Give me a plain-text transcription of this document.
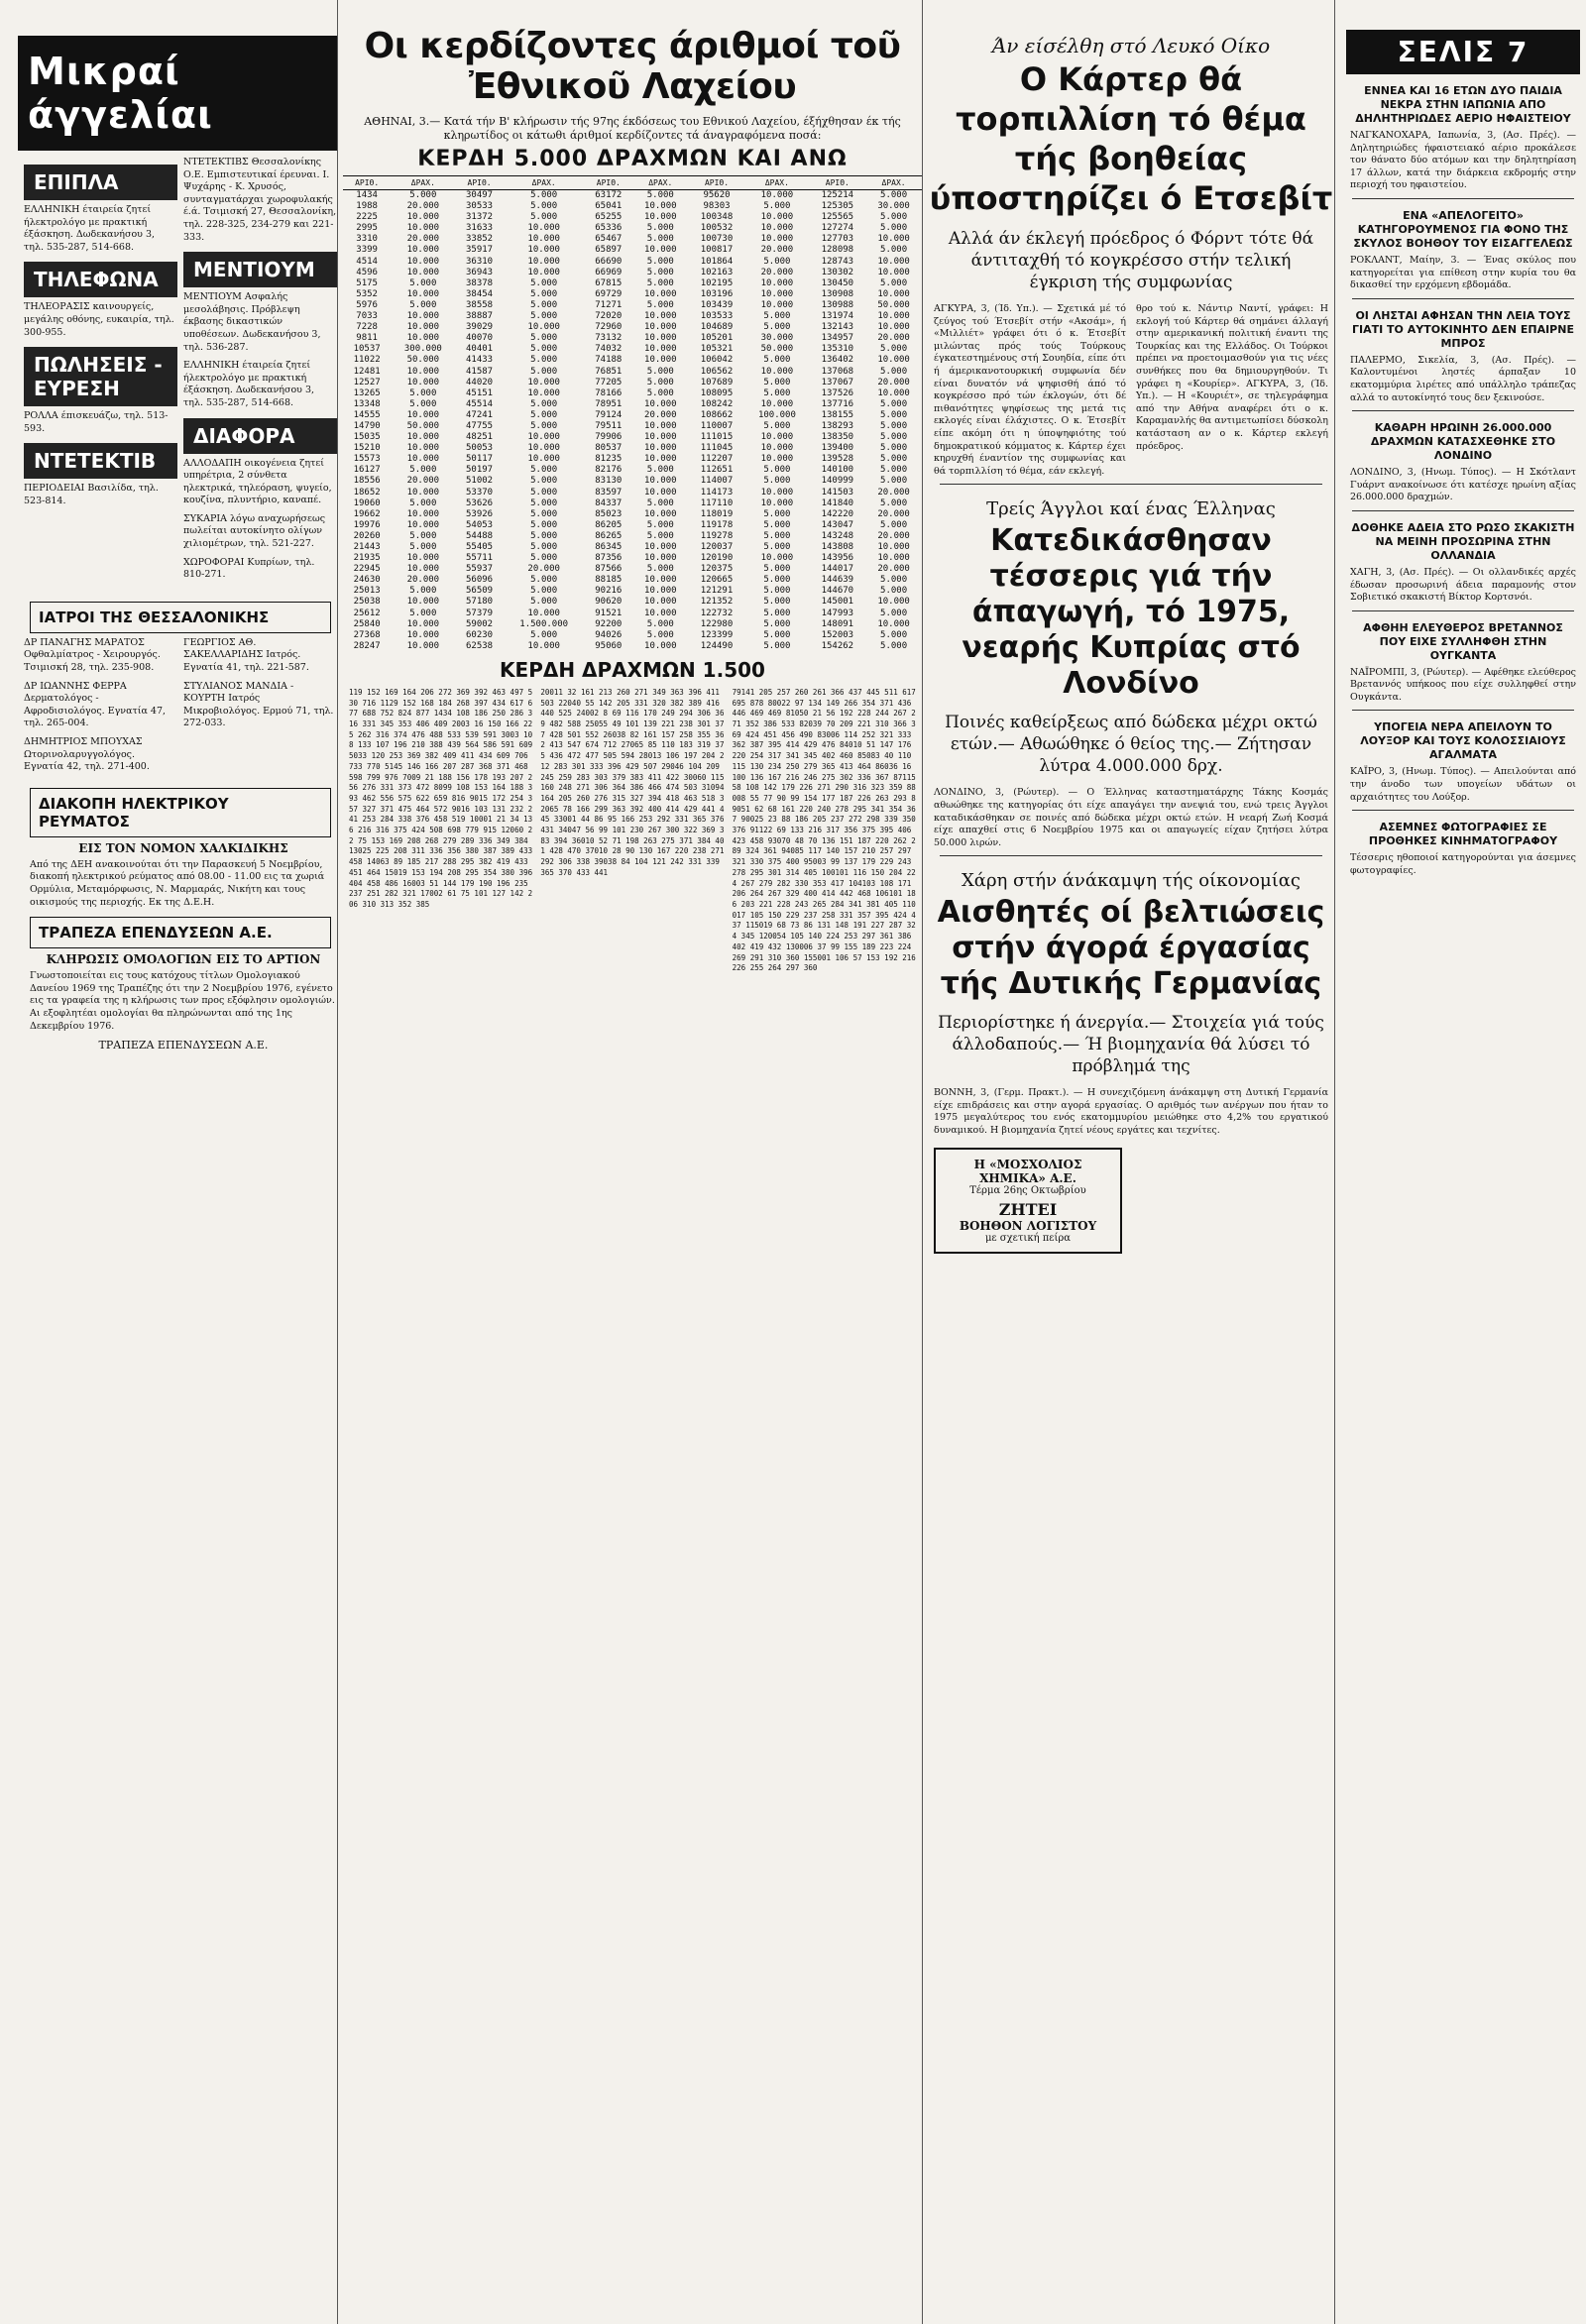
Μικραί άγγελίαι
ΕΠΙΠΛΑ

ΕΛΛΗΝΙΚΗ έταιρεία ζητεί ήλεκτρολόγο με πρακτική έξάσκηση. Δωδεκανήσου 3, τηλ. 535-287, 514-668.

ΤΗΛΕΦΩΝΑ

ΤΗΛΕΟΡΑΣΙΣ καινουργείς, μεγάλης οθόνης, ευκαιρία, τηλ. 300-955.

ΠΩΛΗΣΕΙΣ - ΕΥΡΕΣΗ

ΡΟΛΛΑ έπισκευάζω, τηλ. 513-593.

ΝΤΕΤΕΚΤΙΒ

ΠΕΡΙΟΔΕΙΑΙ Βασιλίδα, τηλ. 523-814.

ΝΤΕΤΕΚΤΙΒΣ Θεσσαλονίκης Ο.Ε. Εμπιστευτικαί έρευναι. Ι. Ψυχάρης - Κ. Χρυσός, συνταγματάρχαι χωροφυλακής έ.ά. Τσιμισκή 27, Θεσσαλονίκη, τηλ. 228-325, 234-279 και 221-333.

ΜΕΝΤΙΟΥΜ

ΜΕΝΤΙΟΥΜ Ασφαλής μεσολάβησις. Πρόβλεψη έκβασης δικαστικών υποθέσεων. Δωδεκανήσου 3, τηλ. 536-287.

ΕΛΛΗΝΙΚΗ έταιρεία ζητεί ήλεκτρολόγο με πρακτική έξάσκηση. Δωδεκανήσου 3, τηλ. 535-287, 514-668.

ΔΙΑΦΟΡΑ

ΑΛΛΟΔΑΠΗ οικογένεια ζητεί υπηρέτρια, 2 σύνθετα ηλεκτρικά, τηλεόραση, ψυγείο, κουζίνα, πλυντήριο, καναπέ.

ΣΥΚΑΡΙΑ λόγω αναχωρήσεως πωλείται αυτοκίνητο ολίγων χιλιομέτρων, τηλ. 521-227.

ΧΩΡΟΦΟΡΑΙ Κυπρίων, τηλ. 810-271.

ΙΑΤΡΟΙ ΤΗΣ ΘΕΣΣΑΛΟΝΙΚΗΣ

ΔΡ ΠΑΝΑΓΗΣ ΜΑΡΑΤΟΣ Οφθαλμίατρος - Χειρουργός. Τσιμισκή 28, τηλ. 235-908.

ΔΡ ΙΩΑΝΝΗΣ ΦΕΡΡΑ Δερματολόγος - Αφροδισιολόγος. Εγνατία 47, τηλ. 265-004.

ΔΗΜΗΤΡΙΟΣ ΜΠΟΥΧΑΣ Ωτορινολαρυγγολόγος. Εγνατία 42, τηλ. 271-400.

ΓΕΩΡΓΙΟΣ ΑΘ. ΣΑΚΕΛΛΑΡΙΔΗΣ Ιατρός. Εγνατία 41, τηλ. 221-587.

ΣΤΥΛΙΑΝΟΣ ΜΑΝΔΙΑ - ΚΟΥΡΤΗ Ιατρός Μικροβιολόγος. Ερμού 71, τηλ. 272-033.

ΔΙΑΚΟΠΗ ΗΛΕΚΤΡΙΚΟΥ ΡΕΥΜΑΤΟΣ
ΕΙΣ ΤΟΝ ΝΟΜΟΝ ΧΑΛΚΙΔΙΚΗΣ

Από της ΔΕΗ ανακοινούται ότι την Παρασκευή 5 Νοεμβρίου, διακοπή ηλεκτρικού ρεύματος από 08.00 - 11.00 εις τα χωριά Ορμύλια, Μεταμόρφωσις, Ν. Μαρμαράς, Νικήτη και τους οικισμούς της περιοχής. Εκ της Δ.Ε.Η.

ΤΡΑΠΕΖΑ ΕΠΕΝΔΥΣΕΩΝ Α.Ε.
ΚΛΗΡΩΣΙΣ ΟΜΟΛΟΓΙΩΝ ΕΙΣ ΤΟ ΑΡΤΙΟΝ

Γνωστοποιείται εις τους κατόχους τίτλων Ομολογιακού Δανείου 1969 της Τραπέζης ότι την 2 Νοεμβρίου 1976, εγένετο εις τα γραφεία της η κλήρωσις των προς εξόφλησιν ομολογιών. Αι εξοφλητέαι ομολογίαι θα πληρώνωνται από της 1ης Δεκεμβρίου 1976.

ΤΡΑΠΕΖΑ ΕΠΕΝΔΥΣΕΩΝ Α.Ε.
Οι κερδίζοντες άριθμοί τοῦ Ἐθνικοῦ Λαχείου
ΑΘΗΝΑΙ, 3.— Κατά τήν Β' κλήρωσιν τής 97ης έκδόσεως του Εθνικού Λαχείου, έξήχθησαν έκ τής κληρωτίδος οι κάτωθι άριθμοί κερδίζοντες τά άναγραφόμενα ποσά:
ΚΕΡΔΗ 5.000 ΔΡΑΧΜΩΝ ΚΑΙ ΑΝΩ
ΑΡΙΘ.	ΔΡΑΧ.	ΑΡΙΘ.	ΔΡΑΧ.	ΑΡΙΘ.	ΔΡΑΧ.	ΑΡΙΘ.	ΔΡΑΧ.	ΑΡΙΘ.	ΔΡΑΧ.
1434	5.000	30497	5.000	63172	5.000	95620	10.000	125214	5.000
1988	20.000	30533	5.000	65041	10.000	98303	5.000	125305	30.000
2225	10.000	31372	5.000	65255	10.000	100348	10.000	125565	5.000
2995	10.000	31633	10.000	65336	5.000	100532	10.000	127274	5.000
3310	20.000	33852	10.000	65467	5.000	100730	10.000	127703	10.000
3399	10.000	35917	10.000	65897	10.000	100817	20.000	128098	5.000
4514	10.000	36310	10.000	66690	5.000	101864	5.000	128743	10.000
4596	10.000	36943	10.000	66969	5.000	102163	20.000	130302	10.000
5175	5.000	38378	5.000	67815	5.000	102195	10.000	130450	5.000
5352	10.000	38454	5.000	69729	10.000	103196	10.000	130908	10.000
5976	5.000	38558	5.000	71271	5.000	103439	10.000	130988	50.000
7033	10.000	38887	5.000	72020	10.000	103533	5.000	131974	10.000
7228	10.000	39029	10.000	72960	10.000	104689	5.000	132143	10.000
9811	10.000	40070	5.000	73132	10.000	105201	30.000	134957	20.000
10537	300.000	40401	5.000	74032	10.000	105321	50.000	135310	5.000
11022	50.000	41433	5.000	74188	10.000	106042	5.000	136402	10.000
12481	10.000	41587	5.000	76851	5.000	106562	10.000	137068	5.000
12527	10.000	44020	10.000	77205	5.000	107689	5.000	137067	20.000
13265	5.000	45151	10.000	78166	5.000	108095	5.000	137526	10.000
13348	5.000	45514	5.000	78951	10.000	108242	10.000	137716	5.000
14555	10.000	47241	5.000	79124	20.000	108662	100.000	138155	5.000
14790	50.000	47755	5.000	79511	10.000	110007	5.000	138293	5.000
15035	10.000	48251	10.000	79906	10.000	111015	10.000	138350	5.000
15210	10.000	50053	10.000	80537	10.000	111045	10.000	139400	5.000
15573	10.000	50117	10.000	81235	10.000	112207	10.000	139528	5.000
16127	5.000	50197	5.000	82176	5.000	112651	5.000	140100	5.000
18556	20.000	51002	5.000	83130	10.000	114007	5.000	140999	5.000
18652	10.000	53370	5.000	83597	10.000	114173	10.000	141503	20.000
19060	5.000	53626	5.000	84337	5.000	117110	10.000	141840	5.000
19662	10.000	53926	5.000	85023	10.000	118019	5.000	142220	20.000
19976	10.000	54053	5.000	86205	5.000	119178	5.000	143047	5.000
20260	5.000	54488	5.000	86265	5.000	119278	5.000	143248	20.000
21443	5.000	55405	5.000	86345	10.000	120037	5.000	143808	10.000
21935	10.000	55711	5.000	87356	10.000	120190	10.000	143956	10.000
22945	10.000	55937	20.000	87566	5.000	120375	5.000	144017	20.000
24630	20.000	56096	5.000	88185	10.000	120665	5.000	144639	5.000
25013	5.000	56509	5.000	90216	10.000	121291	5.000	144670	5.000
25038	10.000	57180	5.000	90620	10.000	121352	5.000	145001	10.000
25612	5.000	57379	10.000	91521	10.000	122732	5.000	147993	5.000
25840	10.000	59002	1.500.000	92200	5.000	122980	5.000	148091	10.000
27368	10.000	60230	5.000	94026	5.000	123399	5.000	152003	5.000
28247	10.000	62538	10.000	95060	10.000	124490	5.000	154262	5.000
ΚΕΡΔΗ ΔΡΑΧΜΩΝ 1.500
119 152 169 164 206 272 369 392 463 497 530 716 1129 152 168 184 268 397 434 617 677 688 752 824 877 1434 108 186 250 286 316 331 345 353 406 409 2003 16 150 166 225 262 316 374 476 488 533 539 591 3003 108 133 107 196 210 388 439 564 586 591 609 5033 120 253 369 382 409 411 434 609 706 733 770 5145 146 166 207 287 368 371 468 598 799 976 7009 21 188 156 178 193 207 256 276 331 373 472 8099 108 153 164 188 393 462 556 575 622 659 816 9015 172 254 357 327 371 475 464 572 9016 103 131 232 241 253 284 338 376 458 519 10001 21 34 136 216 316 375 424 508 698 779 915 12060 22 75 153 169 208 268 279 289 336 349 384 13025 225 208 311 336 356 380 387 389 433 458 14063 89 185 217 288 295 382 419 433 451 464 15019 153 194 208 295 354 380 396 404 458 486 16003 51 144 179 190 196 235 237 251 282 321 17002 61 75 101 127 142 206 310 313 352 385
20011 32 161 213 260 271 349 363 396 411 503 22040 55 142 205 331 320 382 389 416 440 525 24002 8 69 116 170 249 294 306 369 482 588 25055 49 101 139 221 238 301 377 428 501 552 26038 82 161 157 258 355 362 413 547 674 712 27065 85 110 183 319 375 436 472 477 505 594 28013 106 197 204 212 283 301 333 396 429 507 29046 104 209 245 259 283 303 379 383 411 422 30060 115 160 248 271 306 364 386 466 474 503 31094 164 205 260 276 315 327 394 418 463 518 32065 78 166 299 363 392 400 414 429 441 445 33001 44 86 95 166 253 292 331 365 376 431 34047 56 99 101 230 267 300 322 369 383 394 36010 52 71 198 263 275 371 384 401 428 470 37010 28 90 130 167 220 238 271 292 306 338 39038 84 104 121 242 331 339 365 370 433 441
79141 205 257 260 261 366 437 445 511 617 695 878 80022 97 134 149 266 354 371 436 446 469 469 81050 21 56 192 228 244 267 271 352 386 533 82039 70 209 221 310 366 369 424 451 456 490 83006 114 252 321 333 362 387 395 414 429 476 84010 51 147 176 220 254 317 341 345 402 460 85083 40 110 115 130 234 250 279 365 413 464 86036 16 100 136 167 216 246 275 302 336 367 87115 58 108 142 179 226 271 290 316 323 359 88008 55 77 90 99 154 177 187 226 263 293 89051 62 68 161 220 240 278 295 341 354 367 90025 23 88 186 205 237 272 298 339 350 376 91122 69 133 216 317 356 375 395 406 423 458 93070 48 70 136 151 187 220 262 289 324 361 94085 117 140 157 210 257 297 321 330 375 400 95003 99 137 179 229 243 278 295 301 314 405 100101 116 150 204 224 267 279 282 330 353 417 104103 108 171 206 264 267 329 400 414 442 468 106101 186 203 221 228 243 265 284 341 381 405 110017 105 150 229 237 258 331 357 395 424 437 115019 68 73 86 131 148 191 227 287 324 345 120054 105 140 224 253 297 361 386 402 419 432 130006 37 99 155 189 223 224 269 291 310 360 155001 106 57 153 192 216 226 255 264 297 360
Άν είσέλθη στό Λευκό Οίκο
Ο Κάρτερ θά τορπιλλίση τό θέμα τής βοηθείας ύποστηρίζει ό Ετσεβίτ
Αλλά άν έκλεγή πρόεδρος ό Φόρντ τότε θά άντιταχθή τό κογκρέσσο στήν τελική έγκριση τής συμφωνίας
ΑΓΚΥΡΑ, 3, (Ίδ. Υπ.). — Σχετικά μέ τό ζεύγος τού Έτσεβίτ στήν «Ακσάμ», ή «Μιλλιέτ» γράφει ότι ό κ. Έτσεβίτ μιλώντας πρός τούς Τούρκους έγκατεστημένους στή Σουηδία, είπε ότι ή άμερικανοτουρκική συμφωνία δέν είναι δυνατόν νά ψηφισθή άπό τό κογκρέσσο πρό τών έκλογών, ότι δέ πιθανότητες ψηφίσεως της μετά τις εκλογές είναι έλάχιστες. Ο κ. Έτσεβίτ είπε ακόμη ότι η ύποψηφιότης τού δημοκρατικού κόμματος κ. Κάρτερ έχει κηρυχθή έναντίον της συμφωνίας και θά τορπιλλίση τό θέμα, εάν εκλεγή.
θρο τού κ. Νάντιρ Ναντί, γράφει: Η εκλογή τού Κάρτερ θά σημάνει άλλαγή στην αμερικανική πολιτική έναντι της Τουρκίας και της Ελλάδος. Οι Τούρκοι πρέπει να προετοιμασθούν για τις νέες συνθήκες που θα δημιουργηθούν. Τι γράφει η «Κουρίερ». ΑΓΚΥΡΑ, 3, (Ίδ. Υπ.). — Η «Κουριέτ», σε τηλεγράφημα από την Αθήνα αναφέρει ότι ο κ. Καραμανλής θα αντιμετωπίσει δύσκολη κατάσταση αν ο κ. Κάρτερ εκλεγή πρόεδρος.
Τρείς Άγγλοι καί ένας Έλληνας
Κατεδικάσθησαν τέσσερις γιά τήν άπαγωγή, τό 1975, νεαρής Κυπρίας στό Λονδίνο
Ποινές καθείρξεως από δώδεκα μέχρι οκτώ ετών.— Αθωώθηκε ό θείος της.— Ζήτησαν λύτρα 4.000.000 δρχ.
ΛΟΝΔΙΝΟ, 3, (Ρώυτερ). — Ο Έλληνας καταστηματάρχης Τάκης Κοσμάς αθωώθηκε της κατηγορίας ότι είχε απαγάγει την ανεψιά του, ενώ τρεις Άγγλοι καταδικάσθηκαν σε ποινές από δώδεκα μέχρι οκτώ ετών. Η νεαρή Ζωή Κοσμά είχε απαχθεί στις 6 Νοεμβρίου 1975 και οι απαγωγείς είχαν ζητήσει λύτρα 50.000 λιρών.
Χάρη στήν άνάκαμψη τής οίκονομίας
Αισθητές οί βελτιώσεις στήν άγορά έργασίας τής Δυτικής Γερμανίας
Περιορίστηκε ή άνεργία.— Στοιχεία γιά τούς άλλοδαπούς.— Ή βιομηχανία θά λύσει τό πρόβλημά της
ΒΟΝΝΗ, 3, (Γερμ. Πρακτ.). — Η συνεχιζόμενη άνάκαμψη στη Δυτική Γερμανία είχε επιδράσεις και στην αγορά εργασίας. Ο αριθμός των ανέργων που ήταν το 1975 μεγαλύτερος του ενός εκατομμυρίου μειώθηκε στο 4,2% του εργατικού δυναμικού. Η βιομηχανία ζητεί νέους εργάτες και τεχνίτες.
Η «ΜΟΣΧΟΛΙΟΣ ΧΗΜΙΚΑ» Α.Ε.
Τέρμα 26ης Οκτωβρίου
ΖΗΤΕΙ
ΒΟΗΘΟΝ ΛΟΓΙΣΤΟΥ
με σχετική πείρα
ΣΕΛΙΣ 7
ΕΝΝΕΑ ΚΑΙ 16 ΕΤΩΝ ΔΥΟ ΠΑΙΔΙΑ ΝΕΚΡΑ ΣΤΗΝ ΙΑΠΩΝΙΑ ΑΠΟ ΔΗΛΗΤΗΡΙΩΔΕΣ ΑΕΡΙΟ ΗΦΑΙΣΤΕΙΟΥ
ΝΑΓΚΑΝΟΧΑΡΑ, Ιαπωνία, 3, (Ασ. Πρές). — Δηλητηριώδες ήφαιστειακό αέριο προκάλεσε τον θάνατο δύο ατόμων και την δηλητηρίαση 17 άλλων, κατά την διάρκεια εκδρομής στην περιοχή του ηφαιστείου.
ΕΝΑ «ΑΠΕΛΟΓΕΙΤΟ» ΚΑΤΗΓΟΡΟΥΜΕΝΟΣ ΓΙΑ ΦΟΝΟ ΤΗΣ ΣΚΥΛΟΣ ΒΟΗΘΟΥ ΤΟΥ ΕΙΣΑΓΓΕΛΕΩΣ
ΡΟΚΛΑΝΤ, Μαίην, 3. — Ένας σκύλος που κατηγορείται για επίθεση στην κυρία του θα δικασθεί την ερχόμενη εβδομάδα.
ΟΙ ΛΗΣΤΑΙ ΑΦΗΣΑΝ ΤΗΝ ΛΕΙΑ ΤΟΥΣ ΓΙΑΤΙ ΤΟ ΑΥΤΟΚΙΝΗΤΟ ΔΕΝ ΕΠΑΙΡΝΕ ΜΠΡΟΣ
ΠΑΛΕΡΜΟ, Σικελία, 3, (Ασ. Πρές). — Καλοντυμένοι ληστές άρπαξαν 10 εκατομμύρια λιρέτες από υπάλληλο τράπεζας αλλά το αυτοκίνητό τους δεν ξεκινούσε.
ΚΑΘΑΡΗ ΗΡΩΙΝΗ 26.000.000 ΔΡΑΧΜΩΝ ΚΑΤΑΣΧΕΘΗΚΕ ΣΤΟ ΛΟΝΔΙΝΟ
ΛΟΝΔΙΝΟ, 3, (Ηνωμ. Τύπος). — Η Σκότλαντ Γυάρντ ανακοίνωσε ότι κατέσχε ηρωίνη αξίας 26.000.000 δραχμών.
ΔΟΘΗΚΕ ΑΔΕΙΑ ΣΤΟ ΡΩΣΟ ΣΚΑΚΙΣΤΗ ΝΑ ΜΕΙΝΗ ΠΡΟΣΩΡΙΝΑ ΣΤΗΝ ΟΛΛΑΝΔΙΑ
ΧΑΓΗ, 3, (Ασ. Πρές). — Οι ολλανδικές αρχές έδωσαν προσωρινή άδεια παραμονής στον Σοβιετικό σκακιστή Βίκτορ Κορτσνόι.
ΑΦΘΗΗ ΕΛΕΥΘΕΡΟΣ ΒΡΕΤΑΝΝΟΣ ΠΟΥ ΕΙΧΕ ΣΥΛΛΗΦΘΗ ΣΤΗΝ ΟΥΓΚΑΝΤΑ
ΝΑΪΡΟΜΠΙ, 3, (Ρώυτερ). — Αφέθηκε ελεύθερος Βρεταννός υπήκοος που είχε συλληφθεί στην Ουγκάντα.
ΥΠΟΓΕΙΑ ΝΕΡΑ ΑΠΕΙΛΟΥΝ ΤΟ ΛΟΥΞΟΡ ΚΑΙ ΤΟΥΣ ΚΟΛΟΣΣΙΑΙΟΥΣ ΑΓΑΛΜΑΤΑ
ΚΑΪΡΟ, 3, (Ηνωμ. Τύπος). — Απειλούνται από την άνοδο των υπογείων υδάτων οι αρχαιότητες του Λούξορ.
ΑΣΕΜΝΕΣ ΦΩΤΟΓΡΑΦΙΕΣ ΣΕ ΠΡΟΘΗΚΕΣ ΚΙΝΗΜΑΤΟΓΡΑΦΟΥ
Τέσσερις ηθοποιοί κατηγορούνται για άσεμνες φωτογραφίες.
